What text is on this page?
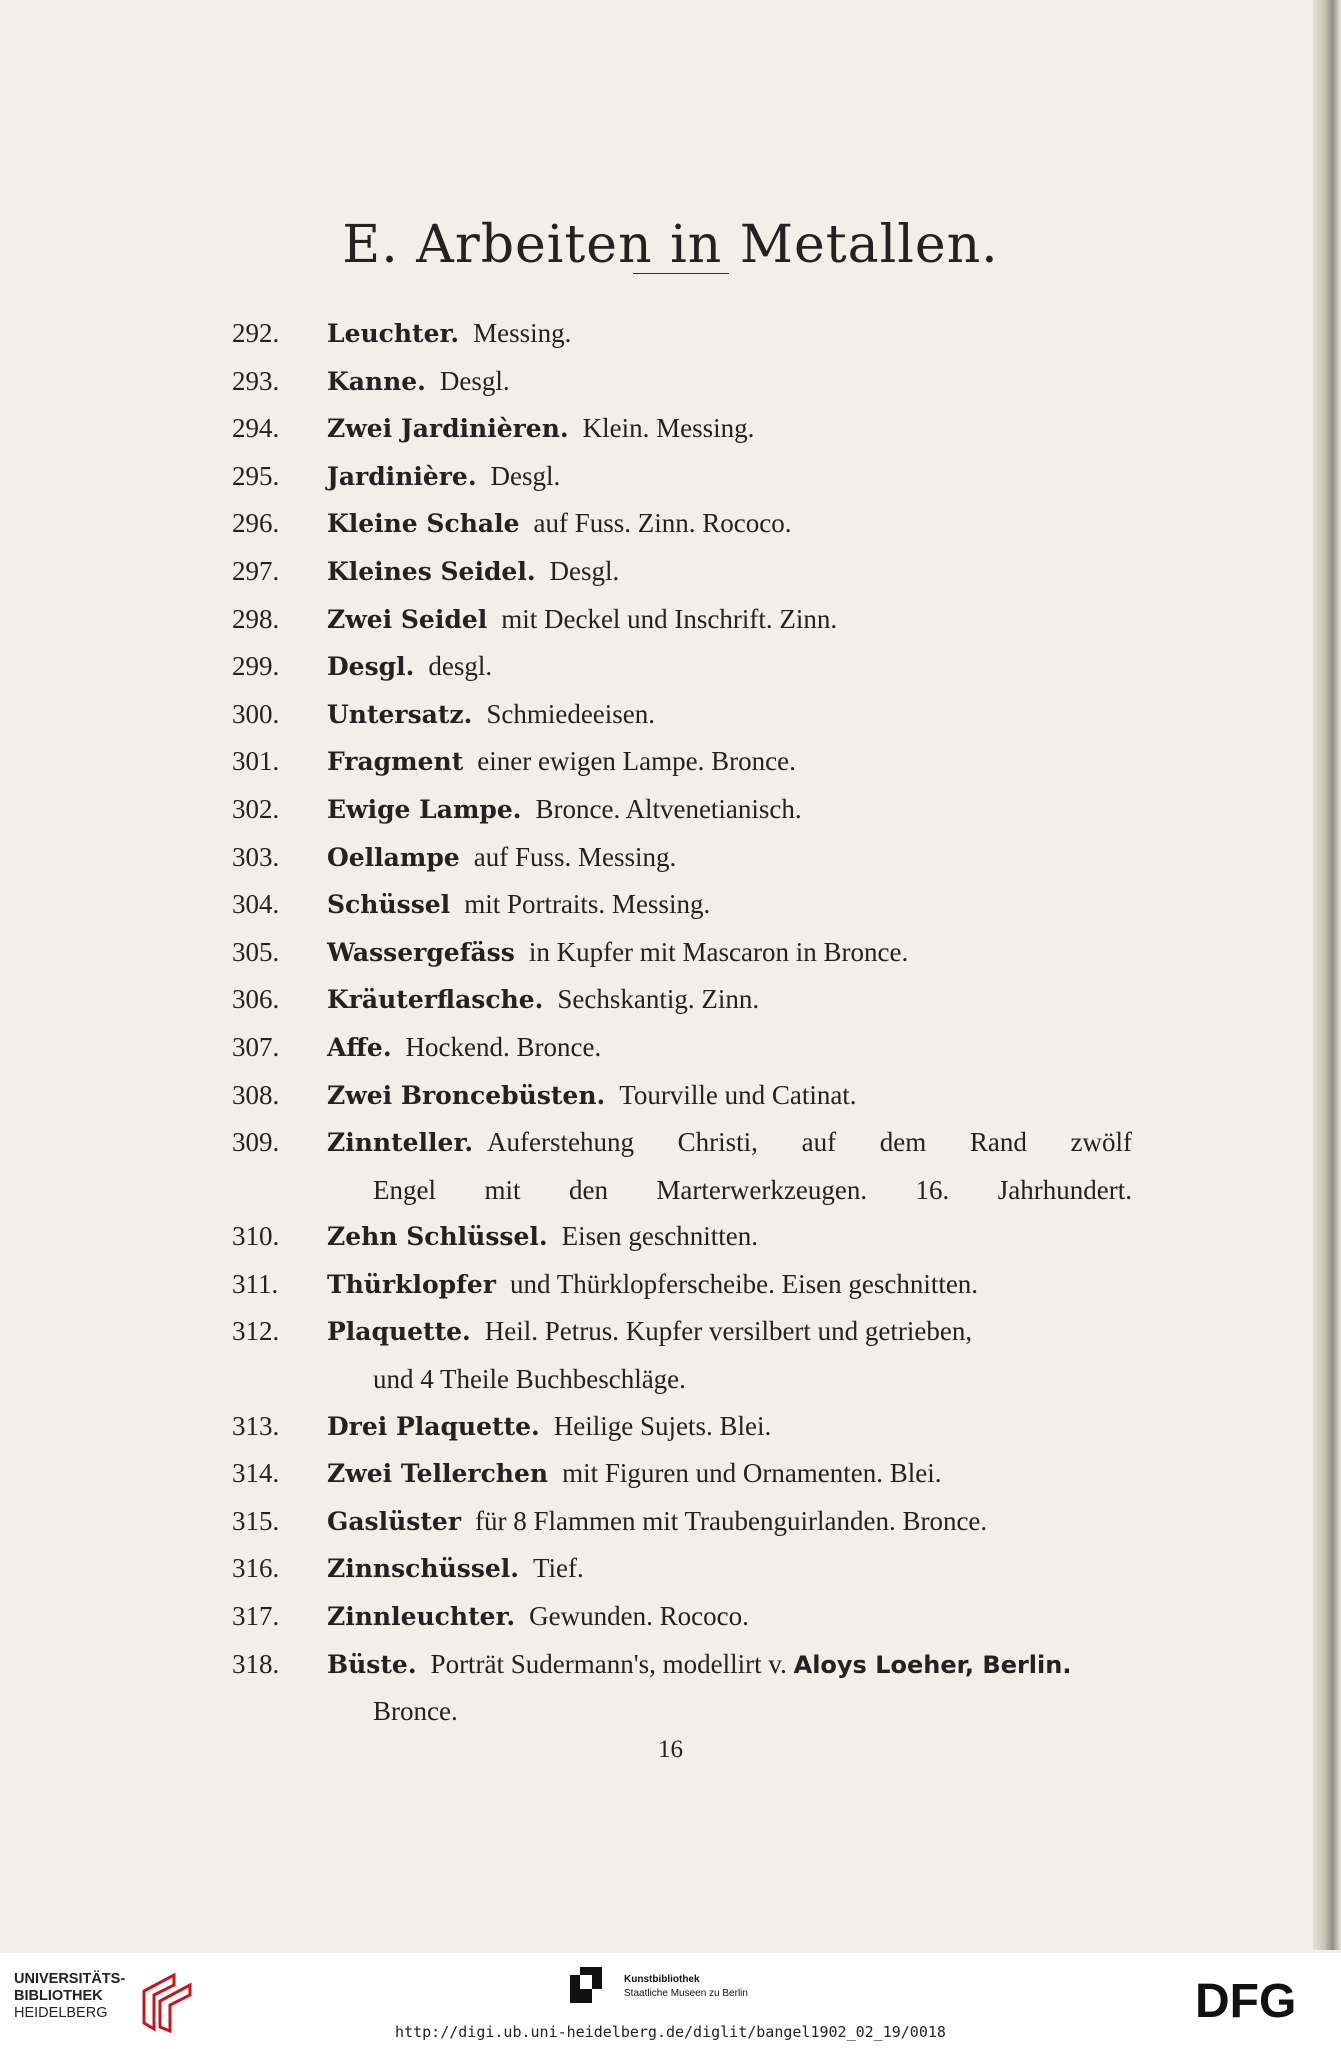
E. Arbeiten in Metallen.
292.	Leuchter. Messing.
293.	Kanne. Desgl.
294.	Zwei Jardinièren. Klein. Messing.
295.	Jardinière. Desgl.
296.	Kleine Schale auf Fuss. Zinn. Rococo.
297.	Kleines Seidel. Desgl.
298.	Zwei Seidel mit Deckel und Inschrift. Zinn.
299.	Desgl. desgl.
300.	Untersatz. Schmiedeeisen.
301.	Fragment einer ewigen Lampe. Bronce.
302.	Ewige Lampe. Bronce. Altvenetianisch.
303.	Oellampe auf Fuss. Messing.
304.	Schüssel mit Portraits. Messing.
305.	Wassergefäss in Kupfer mit Mascaron in Bronce.
306.	Kräuterflasche. Sechskantig. Zinn.
307.	Affe. Hockend. Bronce.
308.	Zwei Broncebüsten. Tourville und Catinat.
309.	Zinnteller. Auferstehung Christi, auf dem Rand zwölf
Engel mit den Marterwerkzeugen. 16. Jahrhundert.
310.	Zehn Schlüssel. Eisen geschnitten.
311.	Thürklopfer und Thürklopferscheibe. Eisen geschnitten.
312.	Plaquette. Heil. Petrus. Kupfer versilbert und getrieben,
und 4 Theile Buchbeschläge.
313.	Drei Plaquette. Heilige Sujets. Blei.
314.	Zwei Tellerchen mit Figuren und Ornamenten. Blei.
315.	Gaslüster für 8 Flammen mit Traubenguirlanden. Bronce.
316.	Zinnschüssel. Tief.
317.	Zinnleuchter. Gewunden. Rococo.
318.	Büste. Porträt Sudermann's, modellirt v. Aloys Loeher, Berlin.
Bronce.
16
UNIVERSITÄTS-
BIBLIOTHEK
HEIDELBERG
Kunstbibliothek
Staatliche Museen zu Berlin	DFG
http://digi.ub.uni-heidelberg.de/diglit/bangel1902_02_19/0018
